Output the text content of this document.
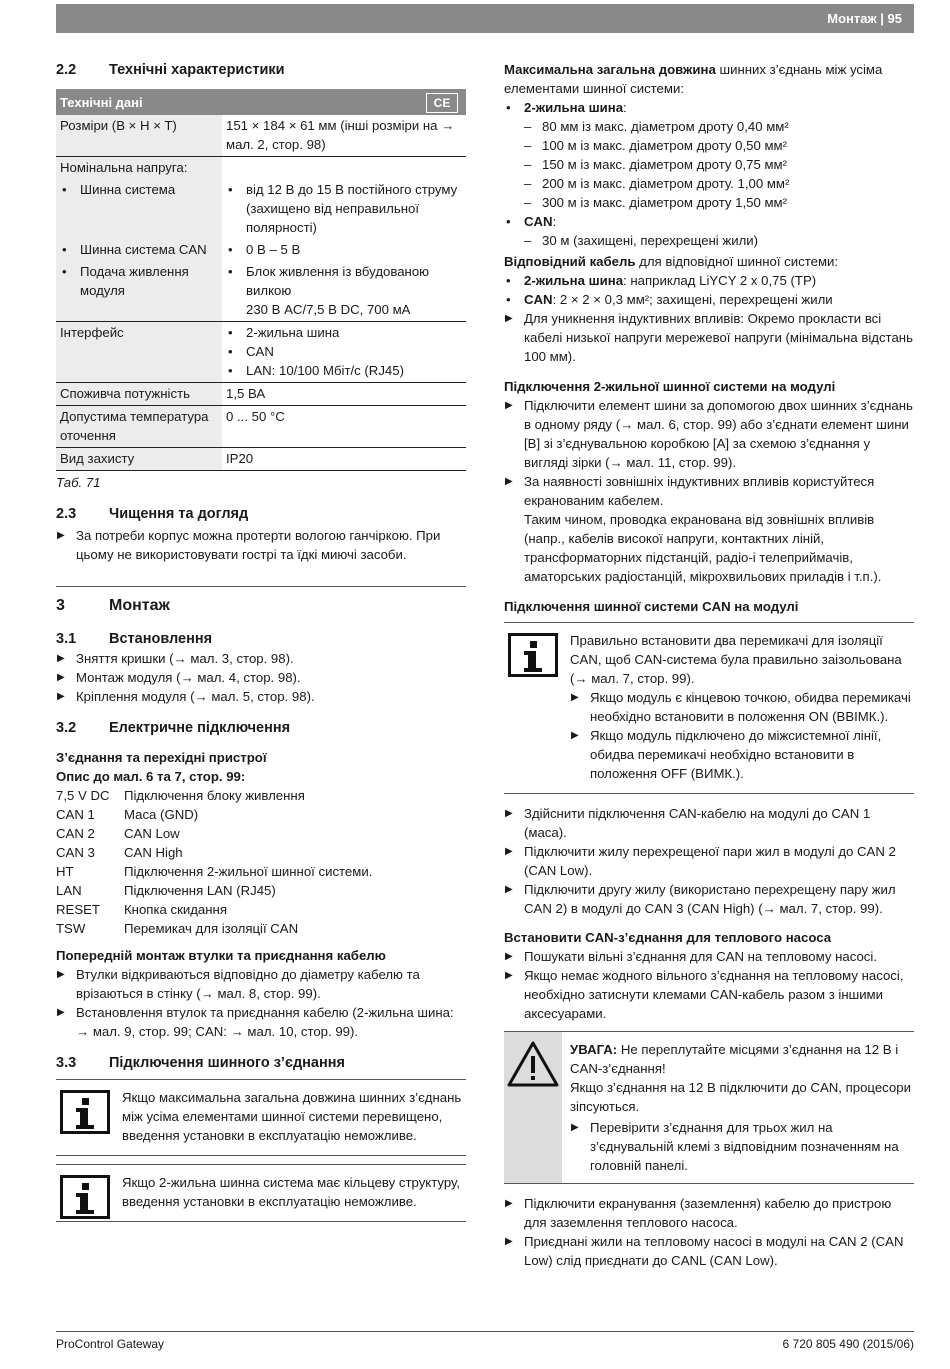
Монтаж | 95
2.2 Технічні характеристики
Технічні дані CE	

Розміри (B × H × T)	151 × 184 × 61 мм (інші розміри на → мал. 2, стор. 98)
Номінальна напруга:	

• Шинна система	• від 12 В до 15 В постійного струму (захищено від неправильної полярності)

• Шинна система CAN	• 0 В – 5 В

• Подача живлення модуля	• Блок живлення із вбудованою вилкою
230 В AC/7,5 В DC, 700 мА

Інтерфейс	• 2-жильна шина
• CAN
• LAN: 10/100 Мбіт/с (RJ45)

Споживча потужність	1,5 ВА
Допустима температура оточення	0 ... 50 °C
Вид захисту	IP20
Таб. 71
2.3 Чищення та догляд
▶ За потреби корпус можна протерти вологою ганчіркою. При цьому не використовувати гострі та їдкі миючі засоби.
3	Монтаж
3.1 Встановлення
▶ Зняття кришки (→ мал. 3, стор. 98).
▶ Монтаж модуля (→ мал. 4, стор. 98).
▶ Кріплення модуля (→ мал. 5, стор. 98).
3.2 Електричне підключення

З’єднання та перехідні пристрої

Опис до мал. 6 та 7, стор. 99:

7,5 V DC	Підключення блоку живлення
CAN 1	Маса (GND)
CAN 2	CAN Low
CAN 3	CAN High
HT	Підключення 2-жильної шинної системи.
LAN	Підключення LAN (RJ45)
RESET	Кнопка скидання
TSW	Перемикач для ізоляції CAN

Попередній монтаж втулки та приєднання кабелю

▶ Втулки відкриваються відповідно до діаметру кабелю та врізаються в стінку (→ мал. 8, стор. 99).
▶ Встановлення втулок та приєднання кабелю (2-жильна шина: → мал. 9, стор. 99; CAN: → мал. 10, стор. 99).
3.3 Підключення шинного з’єднання

Якщо максимальна загальна довжина шинних з’єднань між усіма елементами шинної системи перевищено, введення установки в експлуатацію неможливе.

Якщо 2-жильна шинна система має кільцеву структуру, введення установки в експлуатацію неможливе.

Максимальна загальна довжина шинних з’єднань між усіма елементами шинної системи:

• 2-жильна шина:
– 80 мм із макс. діаметром дроту 0,40 мм²
– 100 м із макс. діаметром дроту 0,50 мм²
– 150 м із макс. діаметром дроту 0,75 мм²
– 200 м із макс. діаметром дроту. 1,00 мм²
– 300 м із макс. діаметром дроту 1,50 мм²
• CAN:
– 30 м (захищені, перехрещені жили)

Відповідний кабель для відповідної шинної системи:

• 2-жильна шина: наприклад LiYCY 2 x 0,75 (TP)
• CAN: 2 × 2 × 0,3 мм²; захищені, перехрещені жили
▶ Для уникнення індуктивних впливів: Окремо прокласти всі кабелі низької напруги мережевої напруги (мінімальна відстань 100 мм).

Підключення 2-жильної шинної системи на модулі

▶ Підключити елемент шини за допомогою двох шинних з’єднань в одному ряду (→ мал. 6, стор. 99) або з’єднати елемент шини [B] зі з’єднувальною коробкою [A] за схемою з’єднання у вигляді зірки (→ мал. 11, стор. 99).
▶ За наявності зовнішніх індуктивних впливів користуйтеся екранованим кабелем.

Таким чином, проводка екранована від зовнішніх впливів (напр., кабелів високої напруги, контактних ліній, трансформаторних підстанцій, радіо-і телеприймачів, аматорських радіостанцій, мікрохвильових приладів і т.п.).

Підключення шинної системи CAN на модулі

Правильно встановити два перемикачі для ізоляції CAN, щоб CAN-система була правильно заізольована (→ мал. 7, стор. 99).

▶ Якщо модуль є кінцевою точкою, обидва перемикачі необхідно встановити в положення ON (ВВІМК.).
▶ Якщо модуль підключено до міжсистемної лінії, обидва перемикачі необхідно встановити в положення OFF (ВИМК.).
▶ Здійснити підключення CAN-кабелю на модулі до CAN 1 (маса).
▶ Підключити жилу перехрещеної пари жил в модулі до CAN 2 (CAN Low).
▶ Підключити другу жилу (використано перехрещену пару жил CAN 2) в модулі до CAN 3 (CAN High) (→ мал. 7, стор. 99).

Встановити CAN-з’єднання для теплового насоса

▶ Пошукати вільні з’єднання для CAN на тепловому насосі.
▶ Якщо немає жодного вільного з’єднання на тепловому насосі, необхідно затиснути клемами CAN-кабель разом з іншими аксесуарами.

УВАГА: Не переплутайте місцями з’єднання на 12 В і CAN-з’єднання!

Якщо з’єднання на 12 В підключити до CAN, процесори зіпсуються.

▶ Перевірити з’єднання для трьох жил на з’єднувальній клемі з відповідним позначенням на головній панелі.
▶ Підключити екранування (заземлення) кабелю до пристрою для заземлення теплового насоса.
▶ Приєднані жили на тепловому насосі в модулі на CAN 2 (CAN Low) слід приєднати до CANL (CAN Low).
ProControl Gateway	6 720 805 490 (2015/06)
